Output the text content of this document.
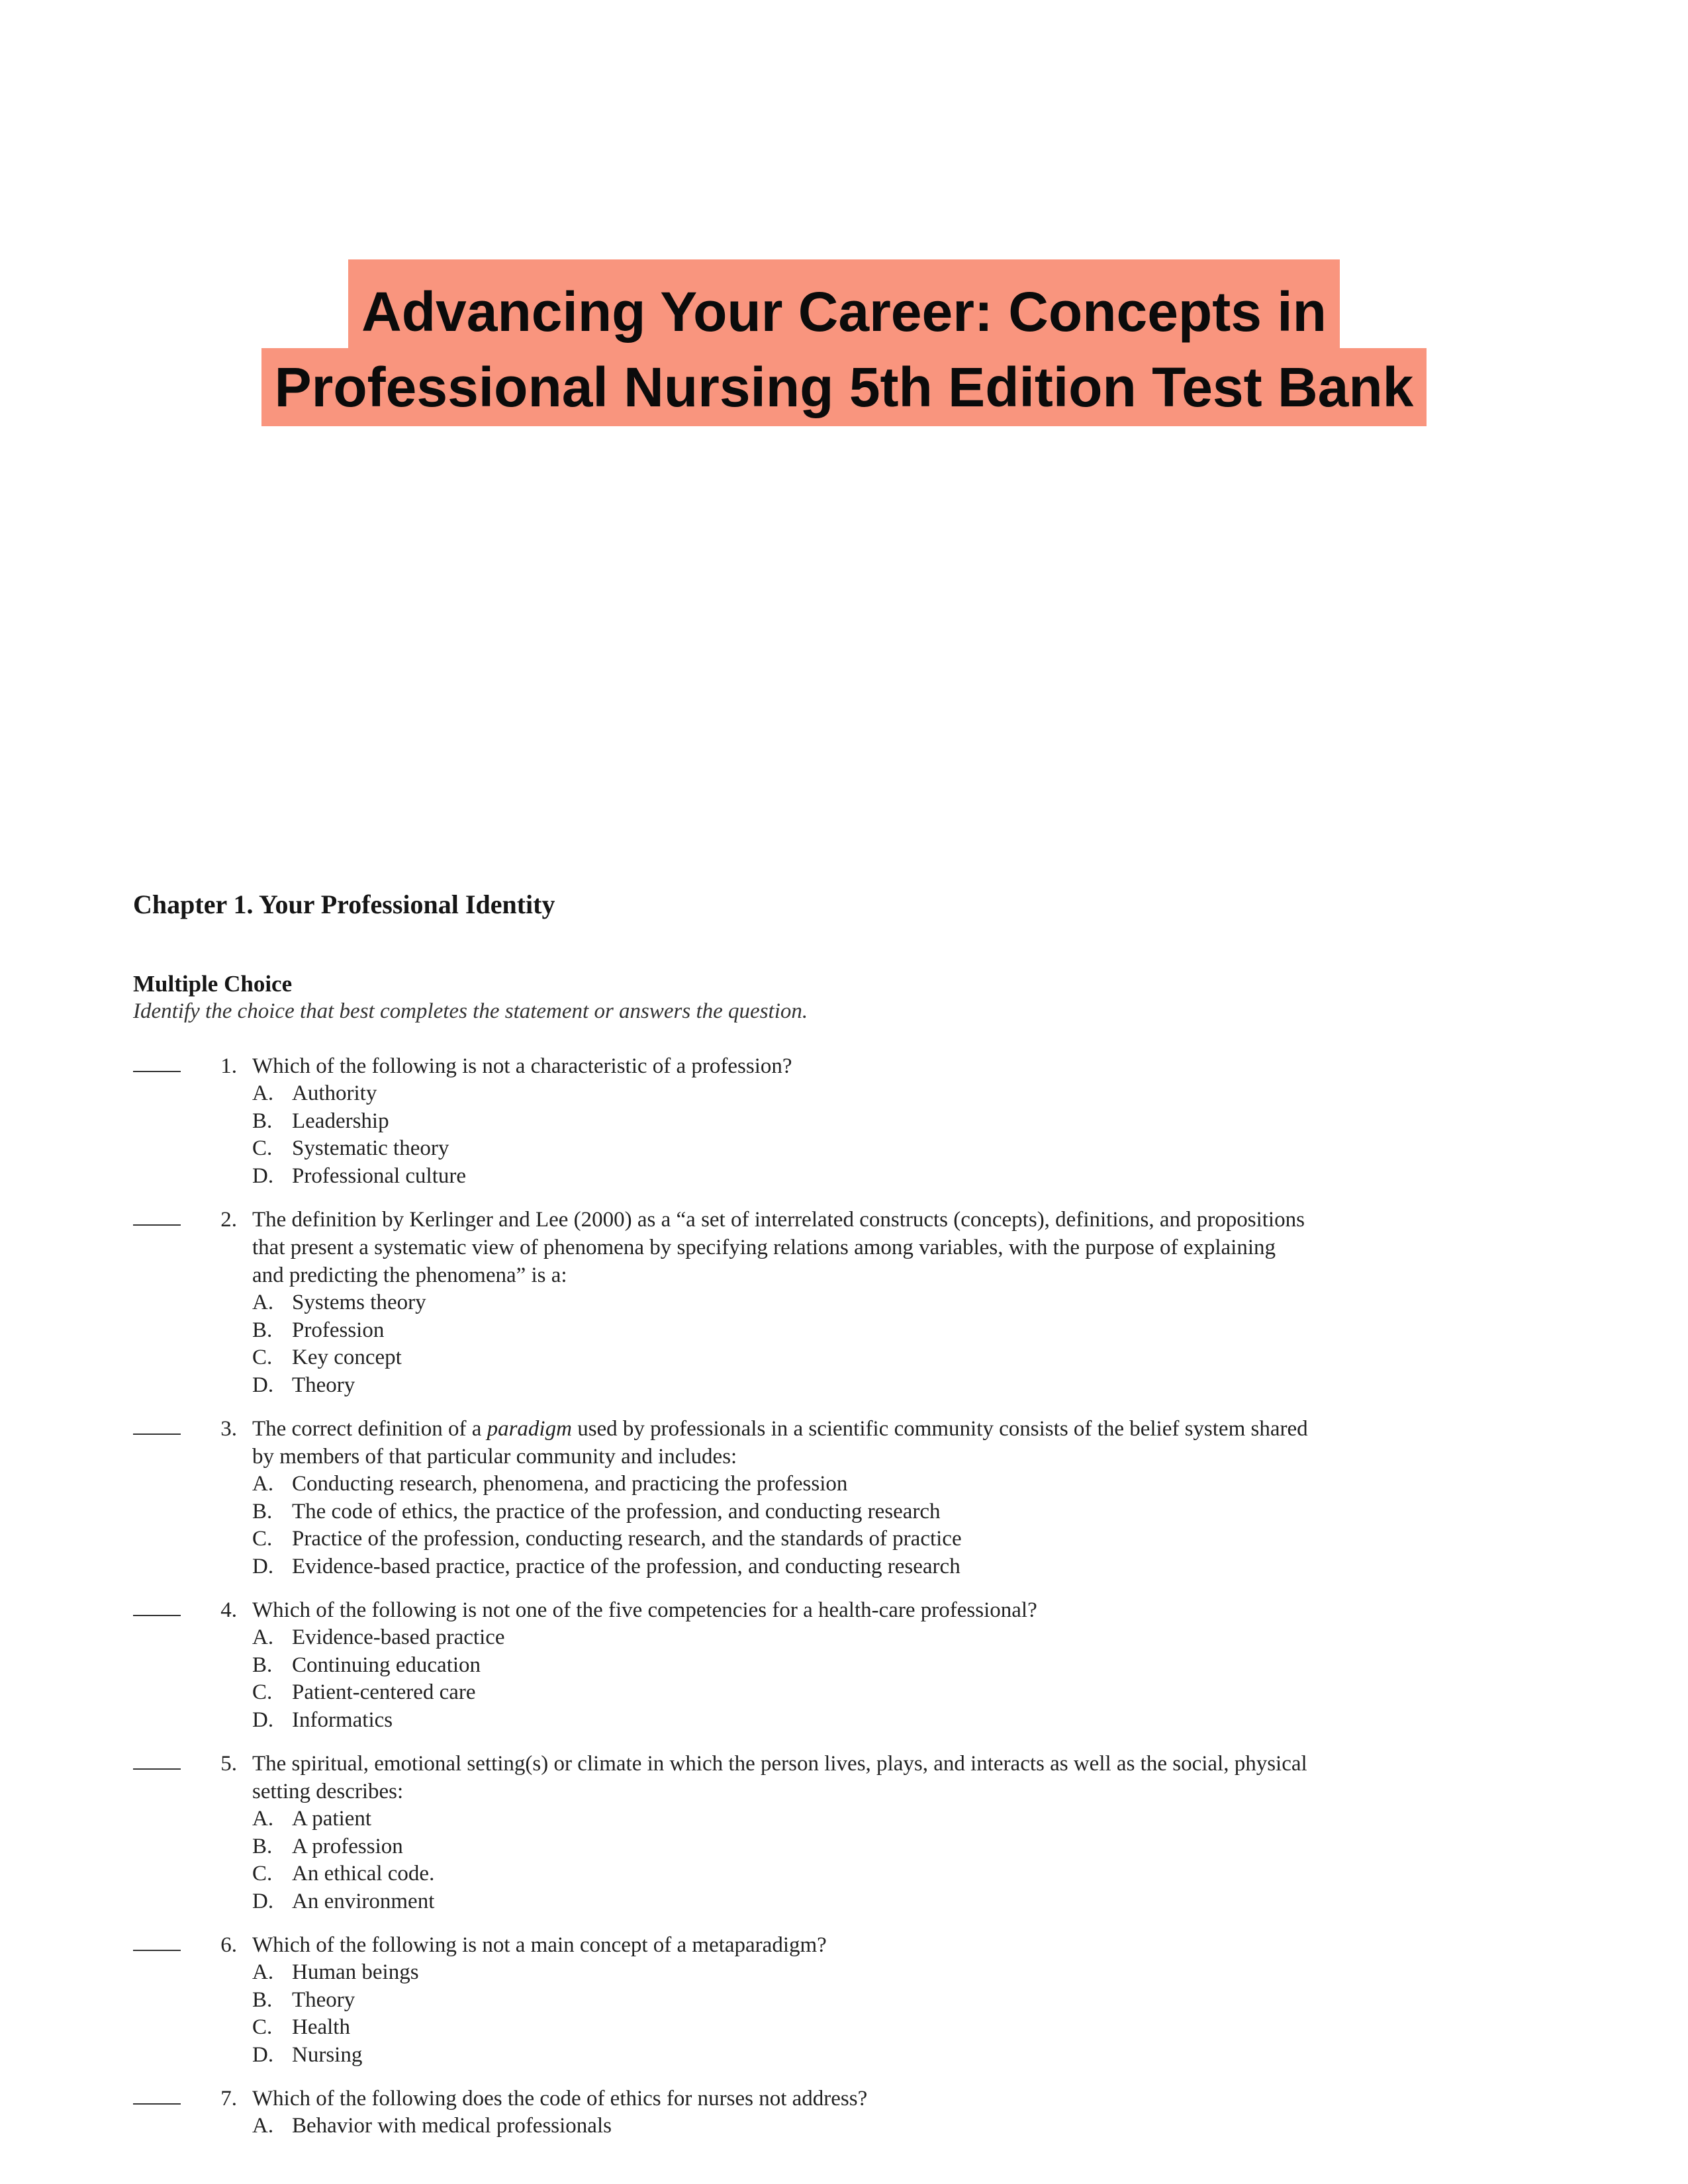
Advancing Your Career: Concepts in
Professional Nursing 5th Edition Test Bank
Chapter 1. Your Professional Identity
Multiple Choice
Identify the choice that best completes the statement or answers the question.
1. Which of the following is not a characteristic of a profession?
A. Authority
B. Leadership
C. Systematic theory
D. Professional culture
2. The definition by Kerlinger and Lee (2000) as a “a set of interrelated constructs (concepts), definitions, and propositions that present a systematic view of phenomena by specifying relations among variables, with the purpose of explaining and predicting the phenomena” is a:
A. Systems theory
B. Profession
C. Key concept
D. Theory
3. The correct definition of a paradigm used by professionals in a scientific community consists of the belief system shared by members of that particular community and includes:
A. Conducting research, phenomena, and practicing the profession
B. The code of ethics, the practice of the profession, and conducting research
C. Practice of the profession, conducting research, and the standards of practice
D. Evidence-based practice, practice of the profession, and conducting research
4. Which of the following is not one of the five competencies for a health-care professional?
A. Evidence-based practice
B. Continuing education
C. Patient-centered care
D. Informatics
5. The spiritual, emotional setting(s) or climate in which the person lives, plays, and interacts as well as the social, physical setting describes:
A. A patient
B. A profession
C. An ethical code.
D. An environment
6. Which of the following is not a main concept of a metaparadigm?
A. Human beings
B. Theory
C. Health
D. Nursing
7. Which of the following does the code of ethics for nurses not address?
A. Behavior with medical professionals
